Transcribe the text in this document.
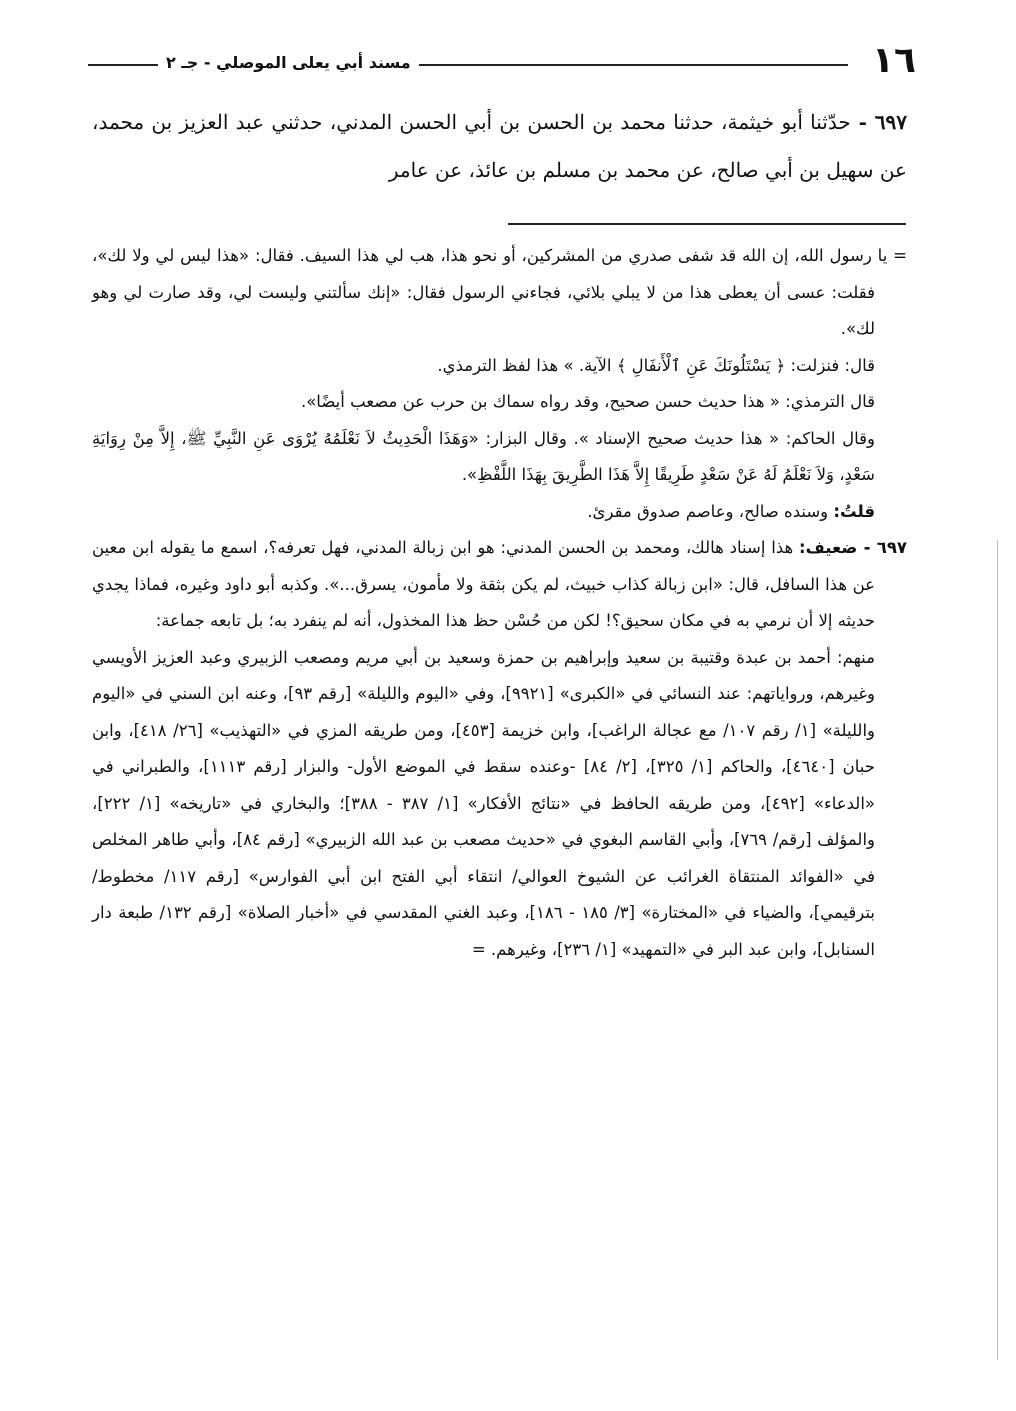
١٦
مسند أبي يعلى الموصلي - جـ ٢
٦٩٧ - حدّثنا أبو خيثمة، حدثنا محمد بن الحسن بن أبي الحسن المدني، حدثني عبد العزيز بن محمد، عن سهيل بن أبي صالح، عن محمد بن مسلم بن عائذ، عن عامر

= يا رسول الله، إن الله قد شفى صدري من المشركين، أو نحو هذا، هب لي هذا السيف. فقال: «هذا ليس لي ولا لك»، فقلت: عسى أن يعطى هذا من لا يبلي بلائي، فجاءني الرسول فقال: «إنك سألتني وليست لي، وقد صارت لي وهو لك».

قال: فنزلت: ﴿ يَسْتَلُونَكَ عَنِ ٱلْأَنفَالِ ﴾ الآية. » هذا لفظ الترمذي.

قال الترمذي: « هذا حديث حسن صحيح، وقد رواه سماك بن حرب عن مصعب أيضًا».

وقال الحاكم: « هذا حديث صحيح الإسناد ». وقال البزار: «وَهَذَا الْحَدِيثُ لاَ نَعْلَمُهُ يُرْوَى عَنِ النَّبِيِّ ﷺ، إِلاَّ مِنْ رِوَايَةِ سَعْدٍ، وَلاَ نَعْلَمُ لَهُ عَنْ سَعْدٍ طَرِيقًا إِلاَّ هَذَا الطَّرِيقَ بِهَذَا اللَّفْظِ».

قلتُ: وسنده صالح، وعاصم صدوق مقرئ.

٦٩٧ - ضعيف: هذا إسناد هالك، ومحمد بن الحسن المدني: هو ابن زبالة المدني، فهل تعرفه؟، اسمع ما يقوله ابن معين عن هذا السافل، قال: «ابن زبالة كذاب خبيث، لم يكن بثقة ولا مأمون، يسرق...». وكذبه أبو داود وغيره، فماذا يجدي حديثه إلا أن نرمي به في مكان سحيق؟! لكن من حُسْن حظ هذا المخذول، أنه لم ينفرد به؛ بل تابعه جماعة:

منهم: أحمد بن عبدة وقتيبة بن سعيد وإبراهيم بن حمزة وسعيد بن أبي مريم ومصعب الزبيري وعبد العزيز الأويسي وغيرهم، ورواياتهم: عند النسائي في «الكبرى» [٩٩٢١]، وفي «اليوم والليلة» [رقم ٩٣]، وعنه ابن السني في «اليوم والليلة» [١/ رقم ١٠٧/ مع عجالة الراغب]، وابن خزيمة [٤٥٣]، ومن طريقه المزي في «التهذيب» [٢٦/ ٤١٨]، وابن حبان [٤٦٤٠]، والحاكم [١/ ٣٢٥]، [٢/ ٨٤] -وعنده سقط في الموضع الأول- والبزار [رقم ١١١٣]، والطبراني في «الدعاء» [٤٩٢]، ومن طريقه الحافظ في «نتائج الأفكار» [١/ ٣٨٧ - ٣٨٨]؛ والبخاري في «تاريخه» [١/ ٢٢٢]، والمؤلف [رقم/ ٧٦٩]، وأبي القاسم البغوي في «حديث مصعب بن عبد الله الزبيري» [رقم ٨٤]، وأبي طاهر المخلص في «الفوائد المنتقاة الغرائب عن الشيوخ العوالي/ انتقاء أبي الفتح ابن أبي الفوارس» [رقم ١١٧/ مخطوط/ بترقيمي]، والضياء في «المختارة» [٣/ ١٨٥ - ١٨٦]، وعبد الغني المقدسي في «أخبار الصلاة» [رقم ١٣٢/ طبعة دار السنابل]، وابن عبد البر في «التمهيد» [١/ ٢٣٦]، وغيرهم. =
